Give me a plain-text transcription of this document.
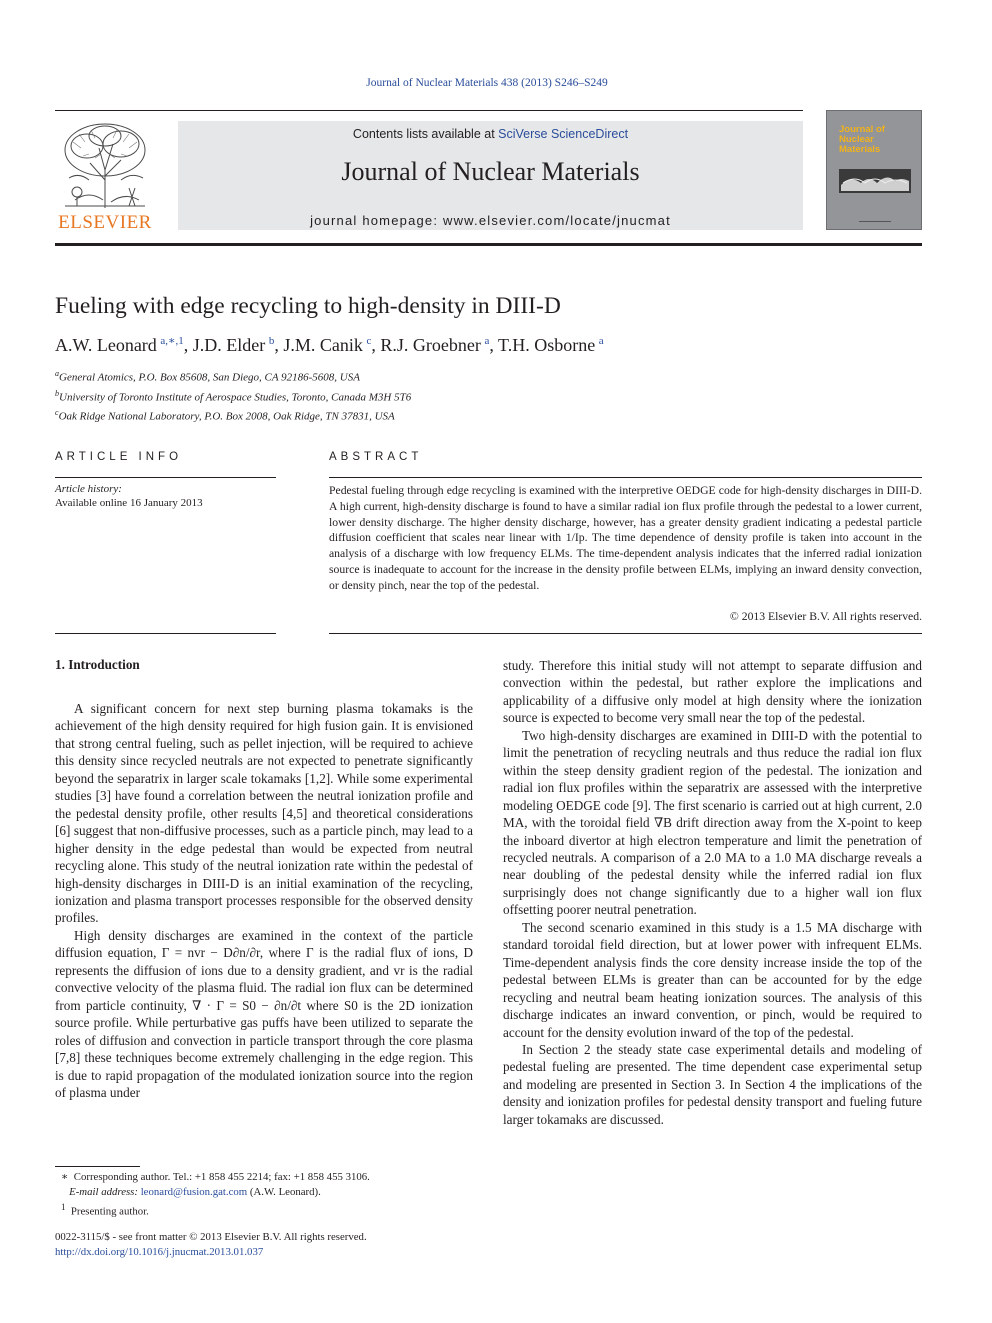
Journal of Nuclear Materials 438 (2013) S246–S249
ELSEVIER
Contents lists available at SciVerse ScienceDirect
Journal of Nuclear Materials
journal homepage: www.elsevier.com/locate/jnucmat
Journal of
Nuclear Materials
Fueling with edge recycling to high-density in DIII-D
A.W. Leonard $^{a,∗,1}$, J.D. Elder $^b$, J.M. Canik $^c$, R.J. Groebner $^a$, T.H. Osborne $^a$
$^a$General Atomics, P.O. Box 85608, San Diego, CA 92186-5608, USA
$^b$University of Toronto Institute of Aerospace Studies, Toronto, Canada M3H 5T6
$^c$Oak Ridge National Laboratory, P.O. Box 2008, Oak Ridge, TN 37831, USA
ARTICLE INFO
Article history:
Available online 16 January 2013
ABSTRACT
Pedestal fueling through edge recycling is examined with the interpretive OEDGE code for high-density discharges in DIII-D. A high current, high-density discharge is found to have a similar radial ion flux profile through the pedestal to a lower current, lower density discharge. The higher density discharge, however, has a greater density gradient indicating a pedestal particle diffusion coefficient that scales near linear with 1/Ip. The time dependence of density profile is taken into account in the analysis of a discharge with low frequency ELMs. The time-dependent analysis indicates that the inferred radial ionization source is inadequate to account for the increase in the density profile between ELMs, implying an inward density convection, or density pinch, near the top of the pedestal.
© 2013 Elsevier B.V. All rights reserved.
1. Introduction

A significant concern for next step burning plasma tokamaks is the achievement of the high density required for high fusion gain. It is envisioned that strong central fueling, such as pellet injection, will be required to achieve this density since recycled neutrals are not expected to penetrate significantly beyond the separatrix in larger scale tokamaks [1,2]. While some experimental studies [3] have found a correlation between the neutral ionization profile and the pedestal density profile, other results [4,5] and theoretical considerations [6] suggest that non-diffusive processes, such as a particle pinch, may lead to a higher density in the edge pedestal than would be expected from neutral recycling alone. This study of the neutral ionization rate within the pedestal of high-density discharges in DIII-D is an initial examination of the recycling, ionization and plasma transport processes responsible for the observed density profiles.

High density discharges are examined in the context of the particle diffusion equation, Γ = nvr − D∂n/∂r, where Γ is the radial flux of ions, D represents the diffusion of ions due to a density gradient, and vr is the radial convective velocity of the plasma fluid. The radial ion flux can be determined from particle continuity, ∇ · Γ = S0 − ∂n/∂t where S0 is the 2D ionization source profile. While perturbative gas puffs have been utilized to separate the roles of diffusion and convection in particle transport through the core plasma [7,8] these techniques become extremely challenging in the edge region. This is due to rapid propagation of the modulated ionization source into the region of plasma under

study. Therefore this initial study will not attempt to separate diffusion and convection within the pedestal, but rather explore the implications and applicability of a diffusive only model at high density where the ionization source is expected to become very small near the top of the pedestal.

Two high-density discharges are examined in DIII-D with the potential to limit the penetration of recycling neutrals and thus reduce the radial ion flux within the steep density gradient region of the pedestal. The ionization and radial ion flux profiles within the separatrix are assessed with the interpretive modeling OEDGE code [9]. The first scenario is carried out at high current, 2.0 MA, with the toroidal field ∇B drift direction away from the X-point to keep the inboard divertor at high electron temperature and limit the penetration of recycled neutrals. A comparison of a 2.0 MA to a 1.0 MA discharge reveals a near doubling of the pedestal density while the inferred radial ion flux surprisingly does not change significantly due to a higher wall ion flux offsetting poorer neutral penetration.

The second scenario examined in this study is a 1.5 MA discharge with standard toroidal field direction, but at lower power with infrequent ELMs. Time-dependent analysis finds the core density increase inside the top of the pedestal between ELMs is greater than can be accounted for by the edge recycling and neutral beam heating ionization sources. The analysis of this discharge indicates an inward convention, or pinch, would be required to account for the density evolution inward of the top of the pedestal.

In Section 2 the steady state case experimental details and modeling of pedestal fueling are presented. The time dependent case experimental setup and modeling are presented in Section 3. In Section 4 the implications of the density and ionization profiles for pedestal density transport and fueling future larger tokamaks are discussed.

∗ Corresponding author. Tel.: +1 858 455 2214; fax: +1 858 455 3106.
E-mail address: leonard@fusion.gat.com (A.W. Leonard).
$^1$ Presenting author.
0022-3115/$ - see front matter © 2013 Elsevier B.V. All rights reserved.
http://dx.doi.org/10.1016/j.jnucmat.2013.01.037
